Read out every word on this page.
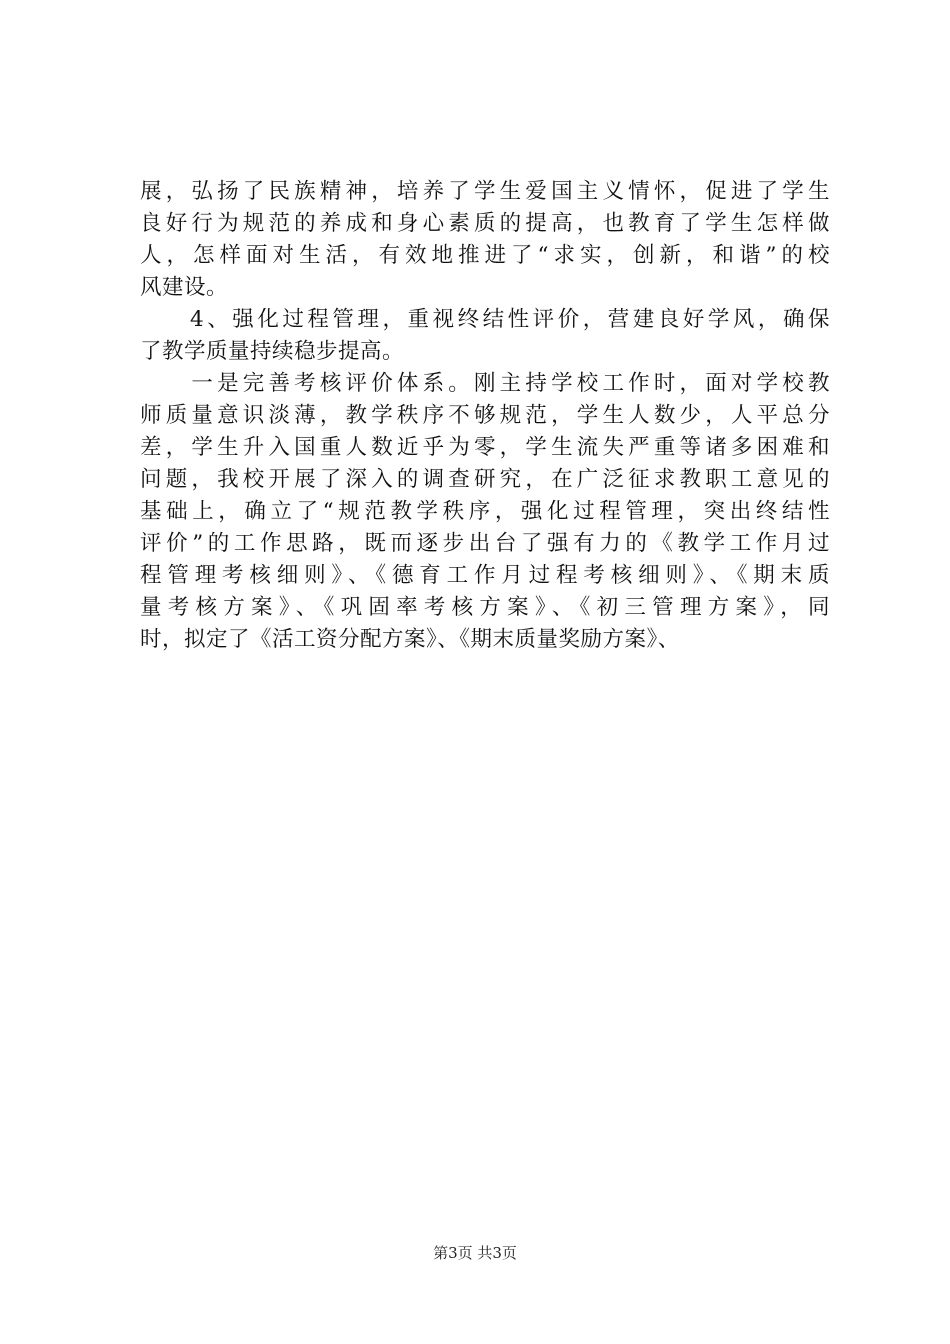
展，弘扬了民族精神，培养了学生爱国主义情怀，促进了学生
良好行为规范的养成和身心素质的提高，也教育了学生怎样做
人，怎样面对生活，有效地推进了“求实，创新，和谐”的校
风建设。
　　4、强化过程管理，重视终结性评价，营建良好学风，确保
了教学质量持续稳步提高。
　　一是完善考核评价体系。刚主持学校工作时，面对学校教
师质量意识淡薄，教学秩序不够规范，学生人数少，人平总分
差，学生升入国重人数近乎为零，学生流失严重等诸多困难和
问题，我校开展了深入的调查研究，在广泛征求教职工意见的
基础上，确立了“规范教学秩序，强化过程管理，突出终结性
评价”的工作思路，既而逐步出台了强有力的《教学工作月过
程管理考核细则》、《德育工作月过程考核细则》、《期末质
量考核方案》、《巩固率考核方案》、《初三管理方案》，同
时，拟定了《活工资分配方案》、《期末质量奖励方案》、
第3页 共3页
